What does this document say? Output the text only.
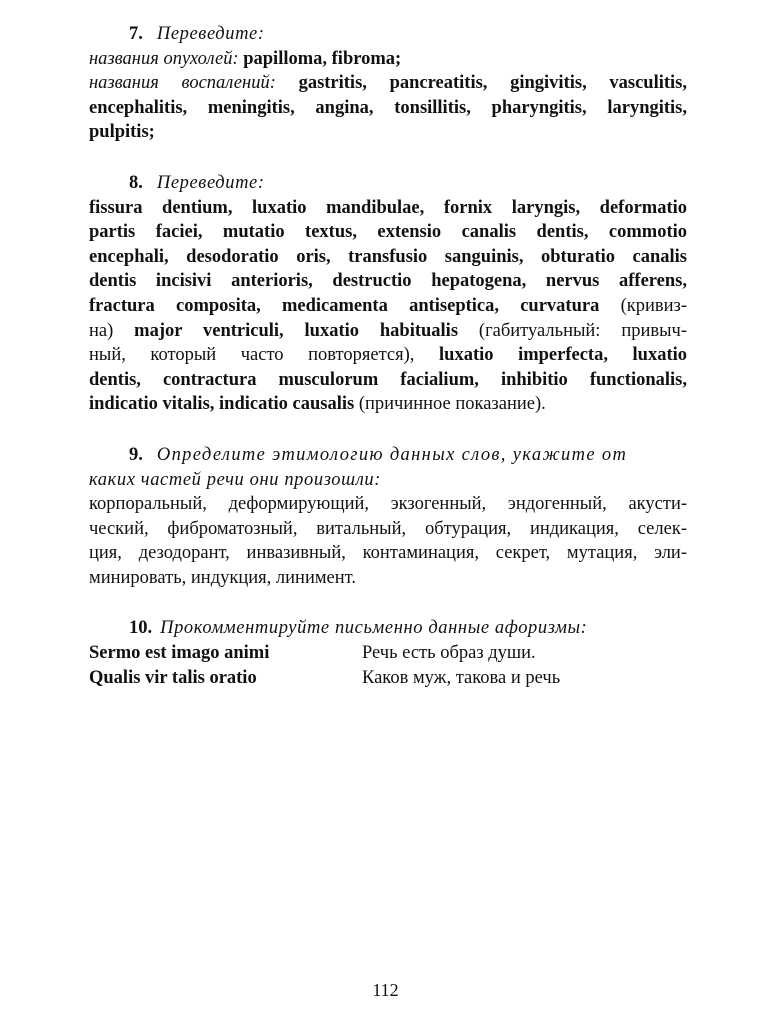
7. Переведите:
названия опухолей: papilloma, fibroma;
названия воспалений: gastritis, pancreatitis, gingivitis, vasculitis,
encephalitis, meningitis, angina, tonsillitis, pharyngitis, laryngitis,
pulpitis;
8. Переведите:
fissura dentium, luxatio mandibulae, fornix laryngis, deformatio
partis faciei, mutatio textus, extensio canalis dentis, commotio
encephali, desodoratio oris, transfusio sanguinis, obturatio canalis
dentis incisivi anterioris, destructio hepatogena, nervus afferens,
fractura composita, medicamenta antiseptica, curvatura (кривиз-
на) major ventriculi, luxatio habitualis (габитуальный: привыч-
ный, который часто повторяется), luxatio imperfecta, luxatio
dentis, contractura musculorum facialium, inhibitio functionalis,
indicatio vitalis, indicatio causalis (причинное показание).
9. Определите этимологию данных слов, укажите от
каких частей речи они произошли:
корпоральный, деформирующий, экзогенный, эндогенный, акусти-
ческий, фиброматозный, витальный, обтурация, индикация, селек-
ция, дезодорант, инвазивный, контаминация, секрет, мутация, эли-
минировать, индукция, линимент.
10. Прокомментируйте письменно данные афоризмы:
Sermo est imago animi	Речь есть образ души.
Qualis vir talis oratio	Каков муж, такова и речь
112
